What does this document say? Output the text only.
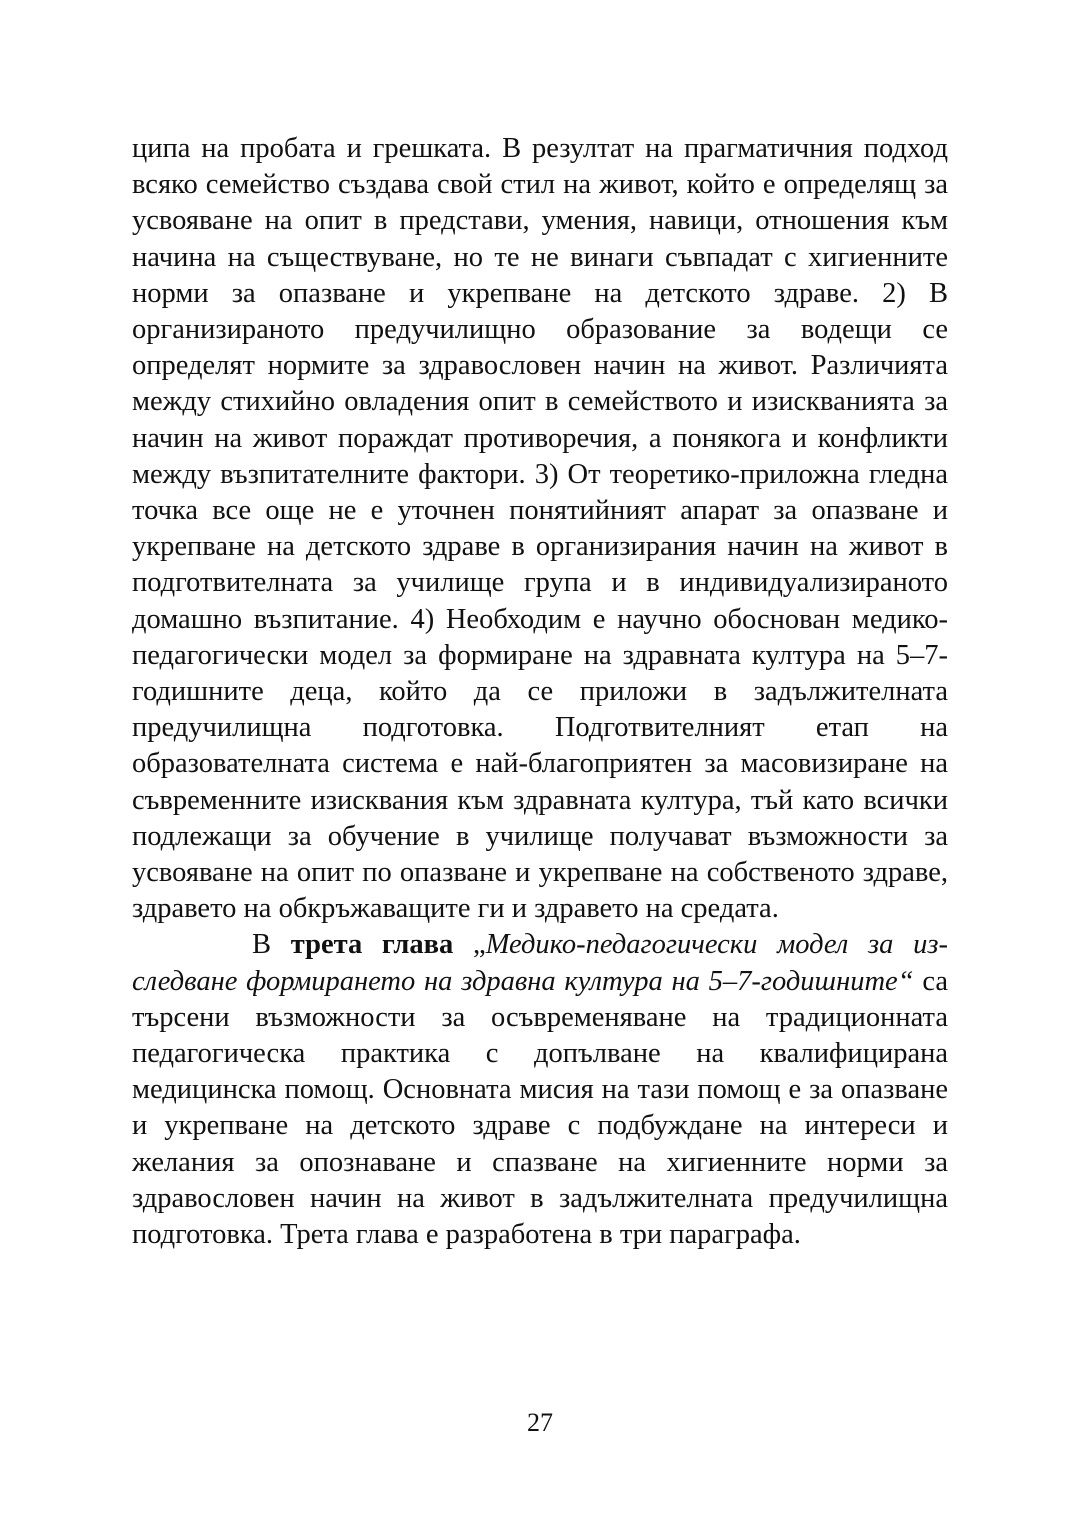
ципа на пробата и грешката. В резултат на прагматичния подход всяко семейство създава свой стил на живот, който е определящ за усвояване на опит в представи, умения, навици, отношения към начина на съществуване, но те не винаги съвпадат с хигиенните норми за опазване и укрепване на детското здраве. 2) В организираното предучилищно образование за водещи се определят нормите за здравословен начин на живот. Различията между стихийно овладения опит в семейството и изискванията за начин на живот пораждат противоречия, а понякога и конфликти между възпитателните фактори. 3) От теоретико-приложна гледна точка все още не е уточнен понятийният апарат за опазване и укрепване на детското здраве в организирания начин на живот в подготвителната за училище група и в индивидуализираното домашно възпитание. 4) Необходим е научно обоснован медико-педагогически модел за формиране на здравната култура на 5–7-годишните деца, който да се приложи в задължителната предучилищна подготовка. Подготвителният етап на образователната система е най-благоприятен за масовизиране на съвременните изисквания към здравната култура, тъй като всички подлежащи за обучение в училище получават възможности за усвояване на опит по опазване и укрепване на собственото здраве, здравето на обкръжаващите ги и здравето на средата.

В трета глава „Медико-педагогически модел за изследване формирането на здравна култура на 5–7-годишните“ са търсени възможности за осъвременяване на традиционната педагогическа практика с допълване на квалифицирана медицинска помощ. Основната мисия на тази помощ е за опазване и укрепване на детското здраве с подбуждане на интереси и желания за опознаване и спазване на хигиенните норми за здравословен начин на живот в задължителната предучилищна подготовка. Трета глава е разработена в три параграфа.

27
